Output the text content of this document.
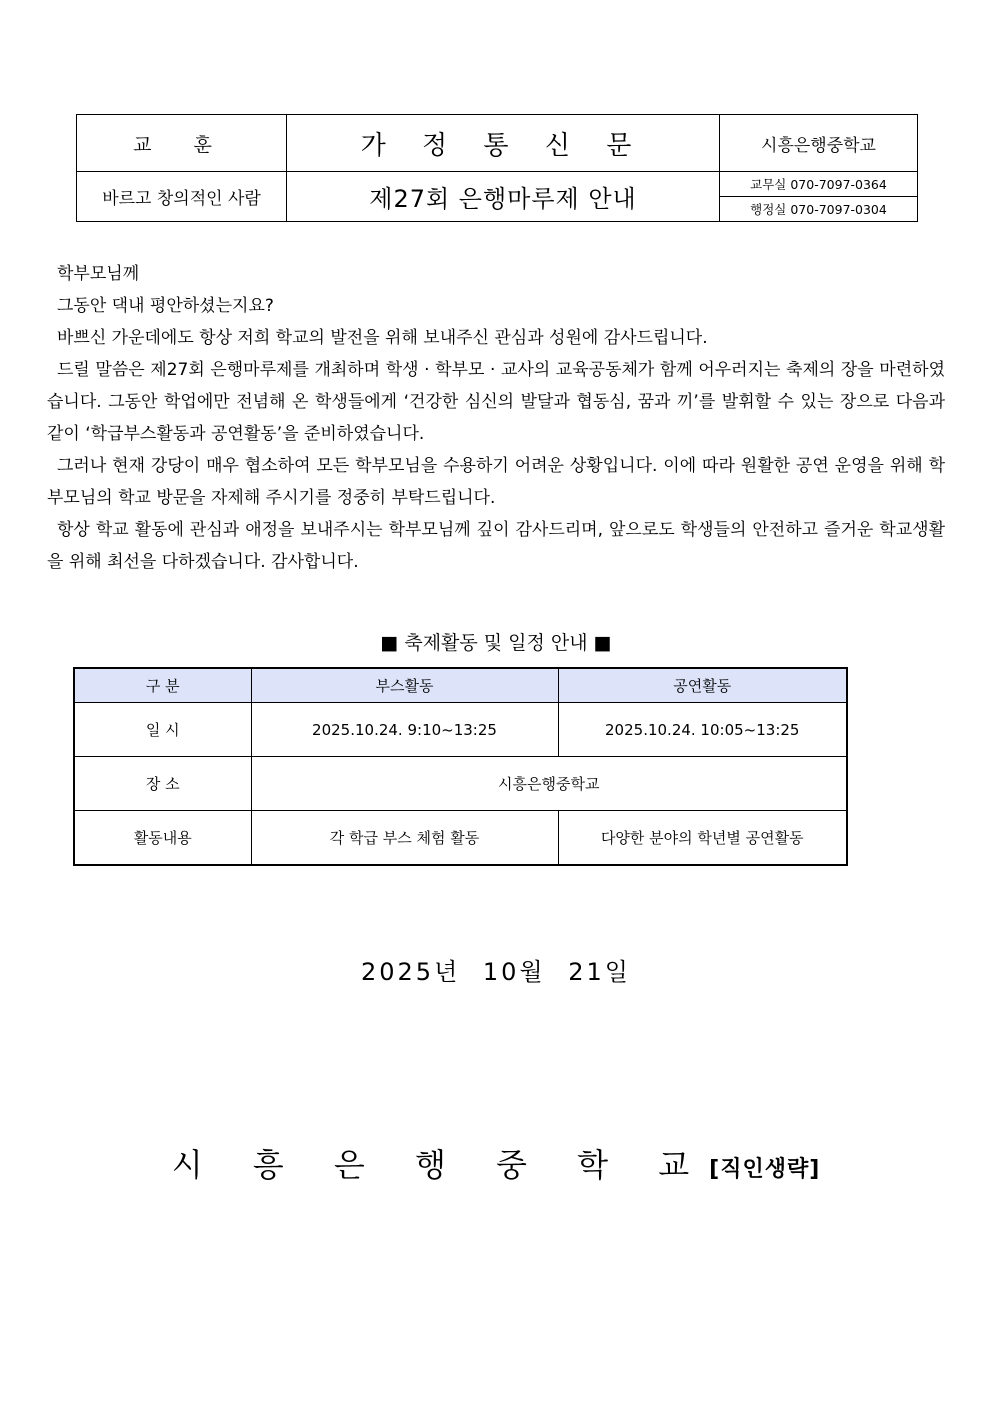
교 훈	가 정 통 신 문	시흥은행중학교
바르고 창의적인 사람	제27회 은행마루제 안내	교무실 070-7097-0364
		행정실 070-7097-0304

학부모님께

그동안 댁내 평안하셨는지요?

바쁘신 가운데에도 항상 저희 학교의 발전을 위해 보내주신 관심과 성원에 감사드립니다.

드릴 말씀은 제27회 은행마루제를 개최하며 학생 · 학부모 · 교사의 교육공동체가 함께 어우러지는 축제의 장을 마련하였습니다. 그동안 학업에만 전념해 온 학생들에게 ‘건강한 심신의 발달과 협동심, 꿈과 끼’를 발휘할 수 있는 장으로 다음과 같이 ‘학급부스활동과 공연활동’을 준비하였습니다.

그러나 현재 강당이 매우 협소하여 모든 학부모님을 수용하기 어려운 상황입니다. 이에 따라 원활한 공연 운영을 위해 학부모님의 학교 방문을 자제해 주시기를 정중히 부탁드립니다.

항상 학교 활동에 관심과 애정을 보내주시는 학부모님께 깊이 감사드리며, 앞으로도 학생들의 안전하고 즐거운 학교생활을 위해 최선을 다하겠습니다. 감사합니다.

■ 축제활동 및 일정 안내 ■
구 분	부스활동	공연활동
일 시	2025.10.24. 9:10~13:25	2025.10.24. 10:05~13:25
장 소	시흥은행중학교	
활동내용	각 학급 부스 체험 활동	다양한 분야의 학년별 공연활동
2025년 10월 21일
시 흥 은 행 중 학 교[직인생략]
